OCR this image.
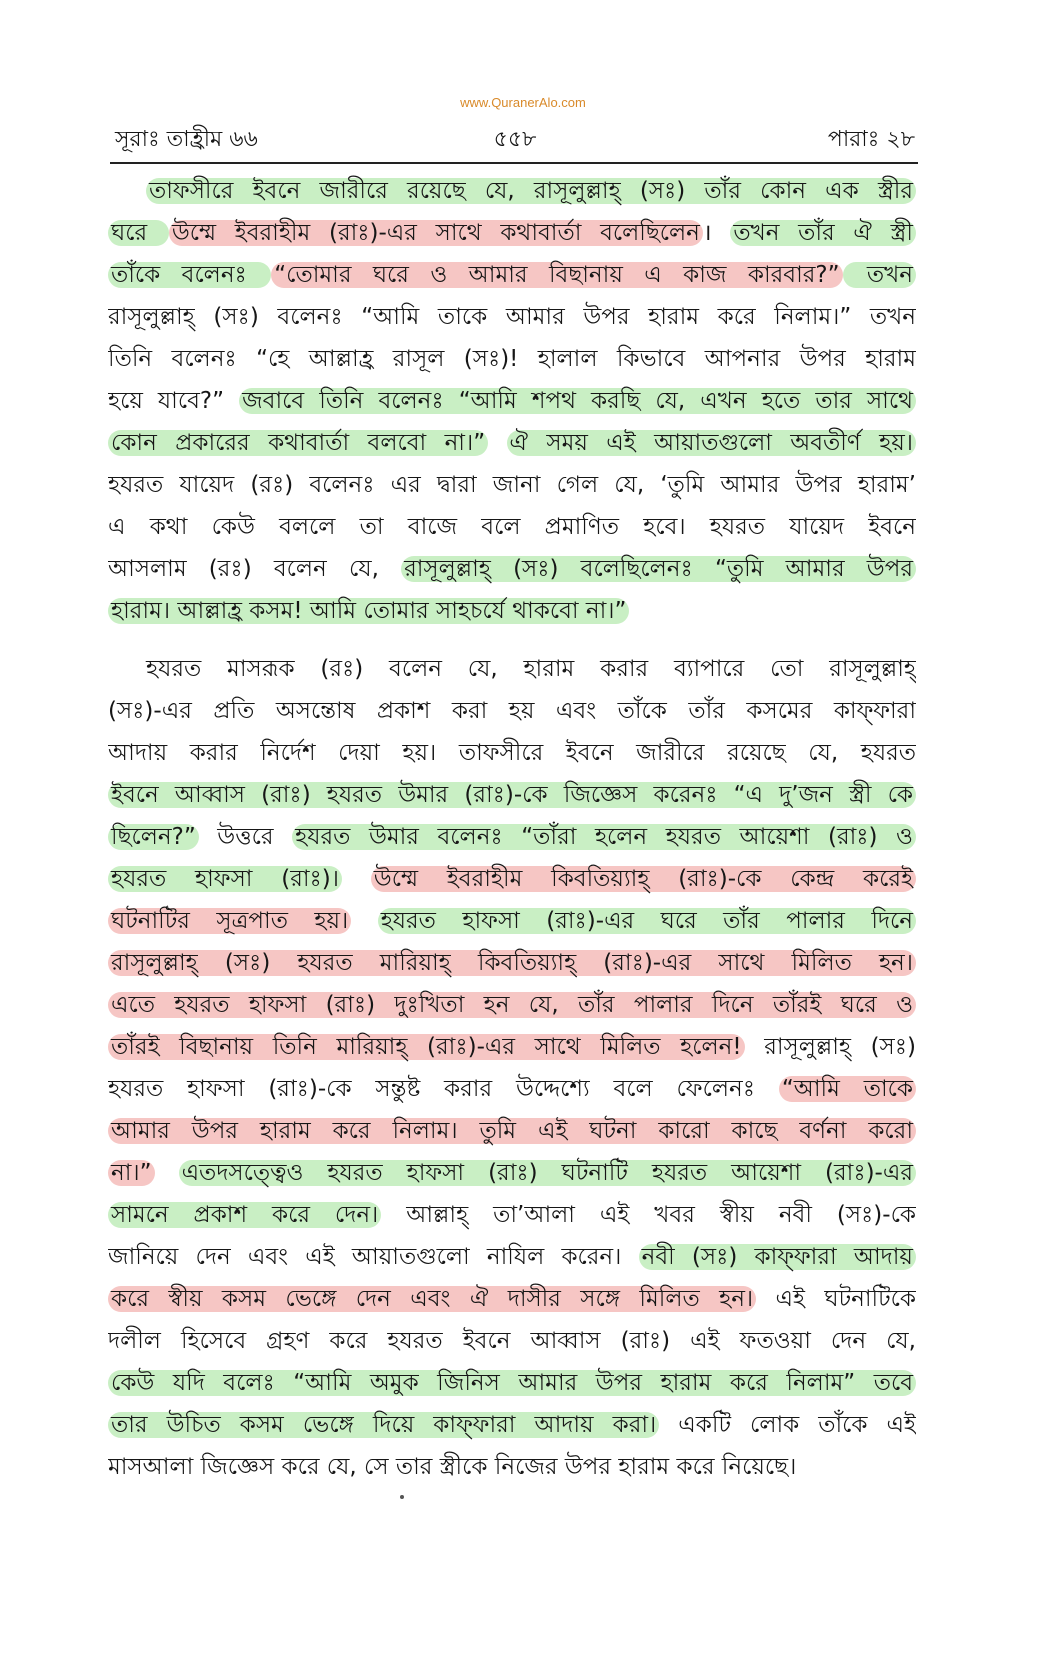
www.QuranerAlo.com
সূরাঃ তাহ্রীম ৬৬	৫৫৮	পারাঃ ২৮
তাফসীরে ইবনে জারীরে রয়েছে যে, রাসূলুল্লাহ্ (সঃ) তাঁর কোন এক স্ত্রীর
ঘরে উম্মে ইবরাহীম (রাঃ)-এর সাথে কথাবার্তা বলেছিলেন । তখন তাঁর ঐ স্ত্রী
তাঁকে বলেনঃ “তোমার ঘরে ও আমার বিছানায় এ কাজ কারবার?” তখন
রাসূলুল্লাহ্ (সঃ) বলেনঃ “আমি তাকে আমার উপর হারাম করে নিলাম।” তখন
তিনি বলেনঃ “হে আল্লাহ্র রাসূল (সঃ)! হালাল কিভাবে আপনার উপর হারাম
হয়ে যাবে?” জবাবে তিনি বলেনঃ “আমি শপথ করছি যে, এখন হতে তার সাথে
কোন প্রকারের কথাবার্তা বলবো না।” ঐ সময় এই আয়াতগুলো অবতীর্ণ হয়।
হযরত যায়েদ (রঃ) বলেনঃ এর দ্বারা জানা গেল যে, ‘তুমি আমার উপর হারাম’
এ কথা কেউ বললে তা বাজে বলে প্রমাণিত হবে। হযরত যায়েদ ইবনে
আসলাম (রঃ) বলেন যে, রাসূলুল্লাহ্ (সঃ) বলেছিলেনঃ “তুমি আমার উপর
হারাম। আল্লাহ্র কসম! আমি তোমার সাহচর্যে থাকবো না।”
হযরত মাসরূক (রঃ) বলেন যে, হারাম করার ব্যাপারে তো রাসূলুল্লাহ্
(সঃ)-এর প্রতি অসন্তোষ প্রকাশ করা হয় এবং তাঁকে তাঁর কসমের কাফ্ফারা
আদায় করার নির্দেশ দেয়া হয়। তাফসীরে ইবনে জারীরে রয়েছে যে, হযরত
ইবনে আব্বাস (রাঃ) হযরত উমার (রাঃ)-কে জিজ্ঞেস করেনঃ “এ দু’জন স্ত্রী কে
ছিলেন?” উত্তরে হযরত উমার বলেনঃ “তাঁরা হলেন হযরত আয়েশা (রাঃ) ও
হযরত হাফসা (রাঃ)। উম্মে ইবরাহীম কিবতিয়্যাহ্ (রাঃ)-কে কেন্দ্র করেই
ঘটনাটির সূত্রপাত হয়। হযরত হাফসা (রাঃ)-এর ঘরে তাঁর পালার দিনে
রাসূলুল্লাহ্ (সঃ) হযরত মারিয়াহ্ কিবতিয়্যাহ্ (রাঃ)-এর সাথে মিলিত হন।
এতে হযরত হাফসা (রাঃ) দুঃখিতা হন যে, তাঁর পালার দিনে তাঁরই ঘরে ও
তাঁরই বিছানায় তিনি মারিয়াহ্ (রাঃ)-এর সাথে মিলিত হলেন! রাসূলুল্লাহ্ (সঃ)
হযরত হাফসা (রাঃ)-কে সন্তুষ্ট করার উদ্দেশ্যে বলে ফেলেনঃ “আমি তাকে
আমার উপর হারাম করে নিলাম। তুমি এই ঘটনা কারো কাছে বর্ণনা করো
না।” এতদসত্ত্বেও হযরত হাফসা (রাঃ) ঘটনাটি হযরত আয়েশা (রাঃ)-এর
সামনে প্রকাশ করে দেন। আল্লাহ্ তা’আলা এই খবর স্বীয় নবী (সঃ)-কে
জানিয়ে দেন এবং এই আয়াতগুলো নাযিল করেন। নবী (সঃ) কাফ্ফারা আদায়
করে স্বীয় কসম ভেঙ্গে দেন এবং ঐ দাসীর সঙ্গে মিলিত হন। এই ঘটনাটিকে
দলীল হিসেবে গ্রহণ করে হযরত ইবনে আব্বাস (রাঃ) এই ফতওয়া দেন যে,
কেউ যদি বলেঃ “আমি অমুক জিনিস আমার উপর হারাম করে নিলাম” তবে
তার উচিত কসম ভেঙ্গে দিয়ে কাফ্ফারা আদায় করা। একটি লোক তাঁকে এই
মাসআলা জিজ্ঞেস করে যে, সে তার স্ত্রীকে নিজের উপর হারাম করে নিয়েছে।
